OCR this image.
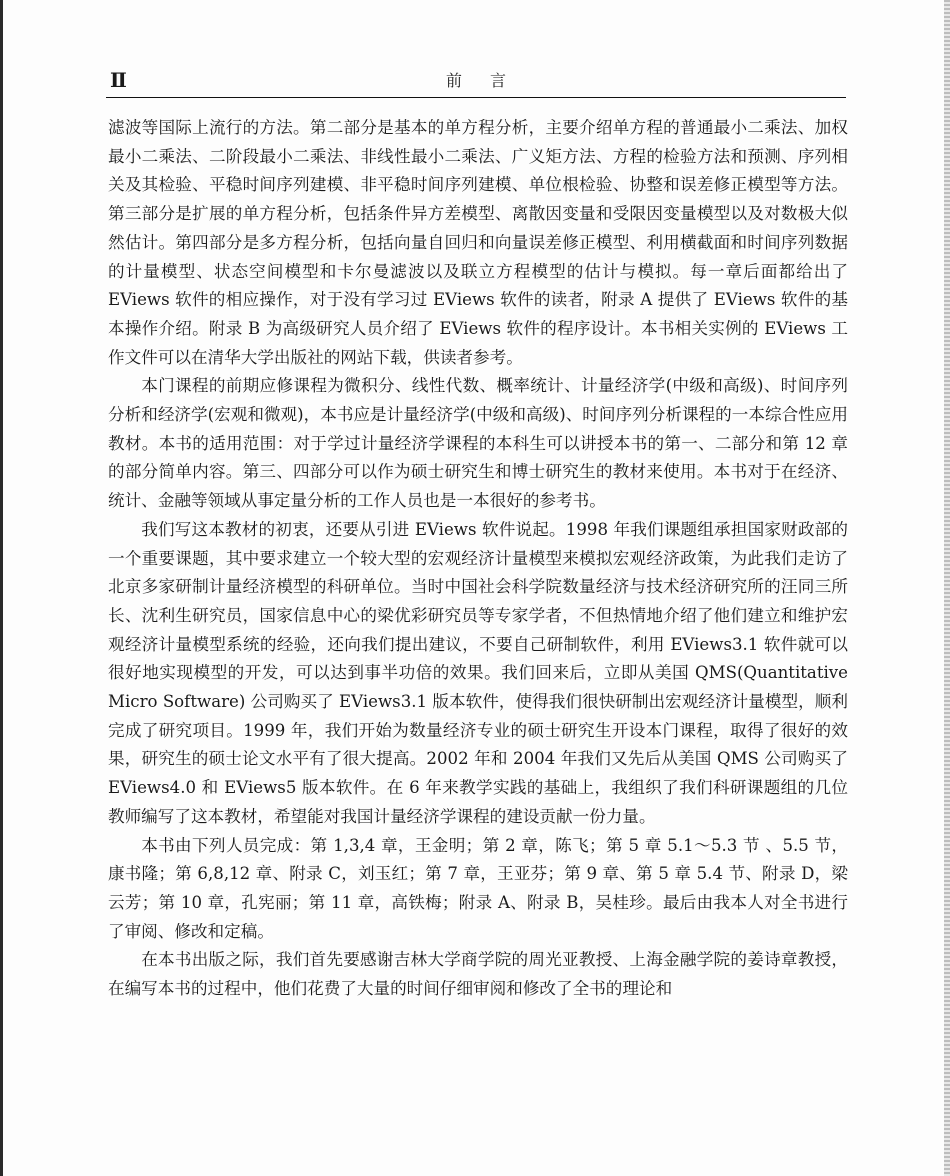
Ⅱ	前言

滤波等国际上流行的方法。第二部分是基本的单方程分析，主要介绍单方程的普通最小二乘法、加权最小二乘法、二阶段最小二乘法、非线性最小二乘法、广义矩方法、方程的检验方法和预测、序列相关及其检验、平稳时间序列建模、非平稳时间序列建模、单位根检验、协整和误差修正模型等方法。第三部分是扩展的单方程分析，包括条件异方差模型、离散因变量和受限因变量模型以及对数极大似然估计。第四部分是多方程分析，包括向量自回归和向量误差修正模型、利用横截面和时间序列数据的计量模型、状态空间模型和卡尔曼滤波以及联立方程模型的估计与模拟。每一章后面都给出了 EViews 软件的相应操作，对于没有学习过 EViews 软件的读者，附录 A 提供了 EViews 软件的基本操作介绍。附录 B 为高级研究人员介绍了 EViews 软件的程序设计。本书相关实例的 EViews 工作文件可以在清华大学出版社的网站下载，供读者参考。

本门课程的前期应修课程为微积分、线性代数、概率统计、计量经济学(中级和高级)、时间序列分析和经济学(宏观和微观)，本书应是计量经济学(中级和高级)、时间序列分析课程的一本综合性应用教材。本书的适用范围：对于学过计量经济学课程的本科生可以讲授本书的第一、二部分和第 12 章的部分简单内容。第三、四部分可以作为硕士研究生和博士研究生的教材来使用。本书对于在经济、统计、金融等领域从事定量分析的工作人员也是一本很好的参考书。

我们写这本教材的初衷，还要从引进 EViews 软件说起。1998 年我们课题组承担国家财政部的一个重要课题，其中要求建立一个较大型的宏观经济计量模型来模拟宏观经济政策，为此我们走访了北京多家研制计量经济模型的科研单位。当时中国社会科学院数量经济与技术经济研究所的汪同三所长、沈利生研究员，国家信息中心的梁优彩研究员等专家学者，不但热情地介绍了他们建立和维护宏观经济计量模型系统的经验，还向我们提出建议，不要自己研制软件，利用 EViews3.1 软件就可以很好地实现模型的开发，可以达到事半功倍的效果。我们回来后，立即从美国 QMS(Quantitative Micro Software) 公司购买了 EViews3.1 版本软件，使得我们很快研制出宏观经济计量模型，顺利完成了研究项目。1999 年，我们开始为数量经济专业的硕士研究生开设本门课程，取得了很好的效果，研究生的硕士论文水平有了很大提高。2002 年和 2004 年我们又先后从美国 QMS 公司购买了 EViews4.0 和 EViews5 版本软件。在 6 年来教学实践的基础上，我组织了我们科研课题组的几位教师编写了这本教材，希望能对我国计量经济学课程的建设贡献一份力量。

本书由下列人员完成：第 1,3,4 章，王金明；第 2 章，陈飞；第 5 章 5.1～5.3 节 、5.5 节，康书隆；第 6,8,12 章、附录 C，刘玉红；第 7 章，王亚芬；第 9 章、第 5 章 5.4 节、附录 D，梁云芳；第 10 章，孔宪丽；第 11 章，高铁梅；附录 A、附录 B，吴桂珍。最后由我本人对全书进行了审阅、修改和定稿。

在本书出版之际，我们首先要感谢吉林大学商学院的周光亚教授、上海金融学院的姜诗章教授，在编写本书的过程中，他们花费了大量的时间仔细审阅和修改了全书的理论和
